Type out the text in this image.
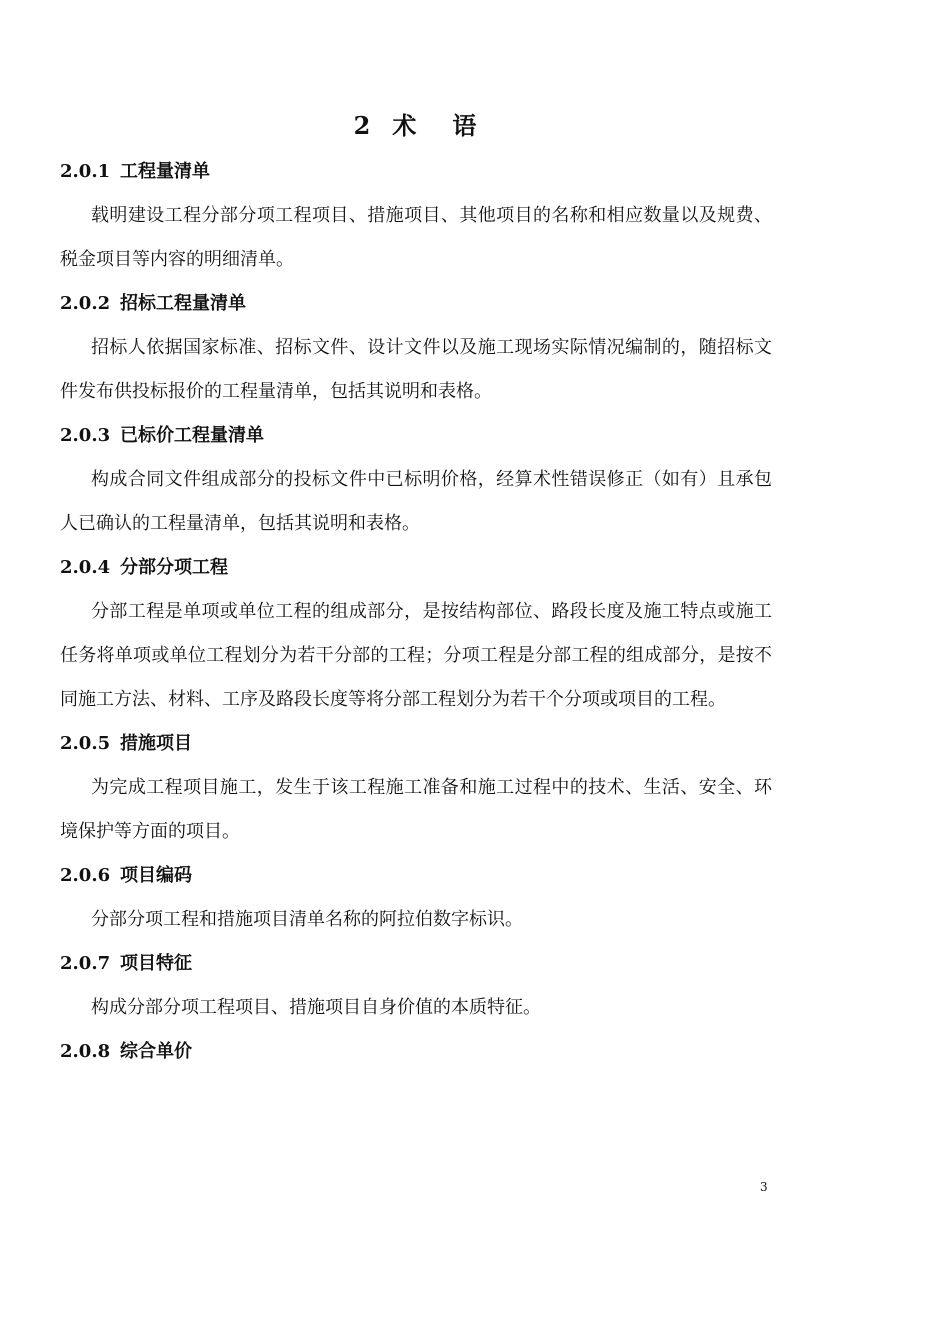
2 术　语
2.0.1 工程量清单

载明建设工程分部分项工程项目、措施项目、其他项目的名称和相应数量以及规费、税金项目等内容的明细清单。

2.0.2 招标工程量清单

招标人依据国家标准、招标文件、设计文件以及施工现场实际情况编制的，随招标文件发布供投标报价的工程量清单，包括其说明和表格。

2.0.3 已标价工程量清单

构成合同文件组成部分的投标文件中已标明价格，经算术性错误修正（如有）且承包人已确认的工程量清单，包括其说明和表格。

2.0.4 分部分项工程

分部工程是单项或单位工程的组成部分，是按结构部位、路段长度及施工特点或施工任务将单项或单位工程划分为若干分部的工程；分项工程是分部工程的组成部分，是按不同施工方法、材料、工序及路段长度等将分部工程划分为若干个分项或项目的工程。

2.0.5 措施项目

为完成工程项目施工，发生于该工程施工准备和施工过程中的技术、生活、安全、环境保护等方面的项目。

2.0.6 项目编码

分部分项工程和措施项目清单名称的阿拉伯数字标识。

2.0.7 项目特征

构成分部分项工程项目、措施项目自身价值的本质特征。

2.0.8 综合单价
3
